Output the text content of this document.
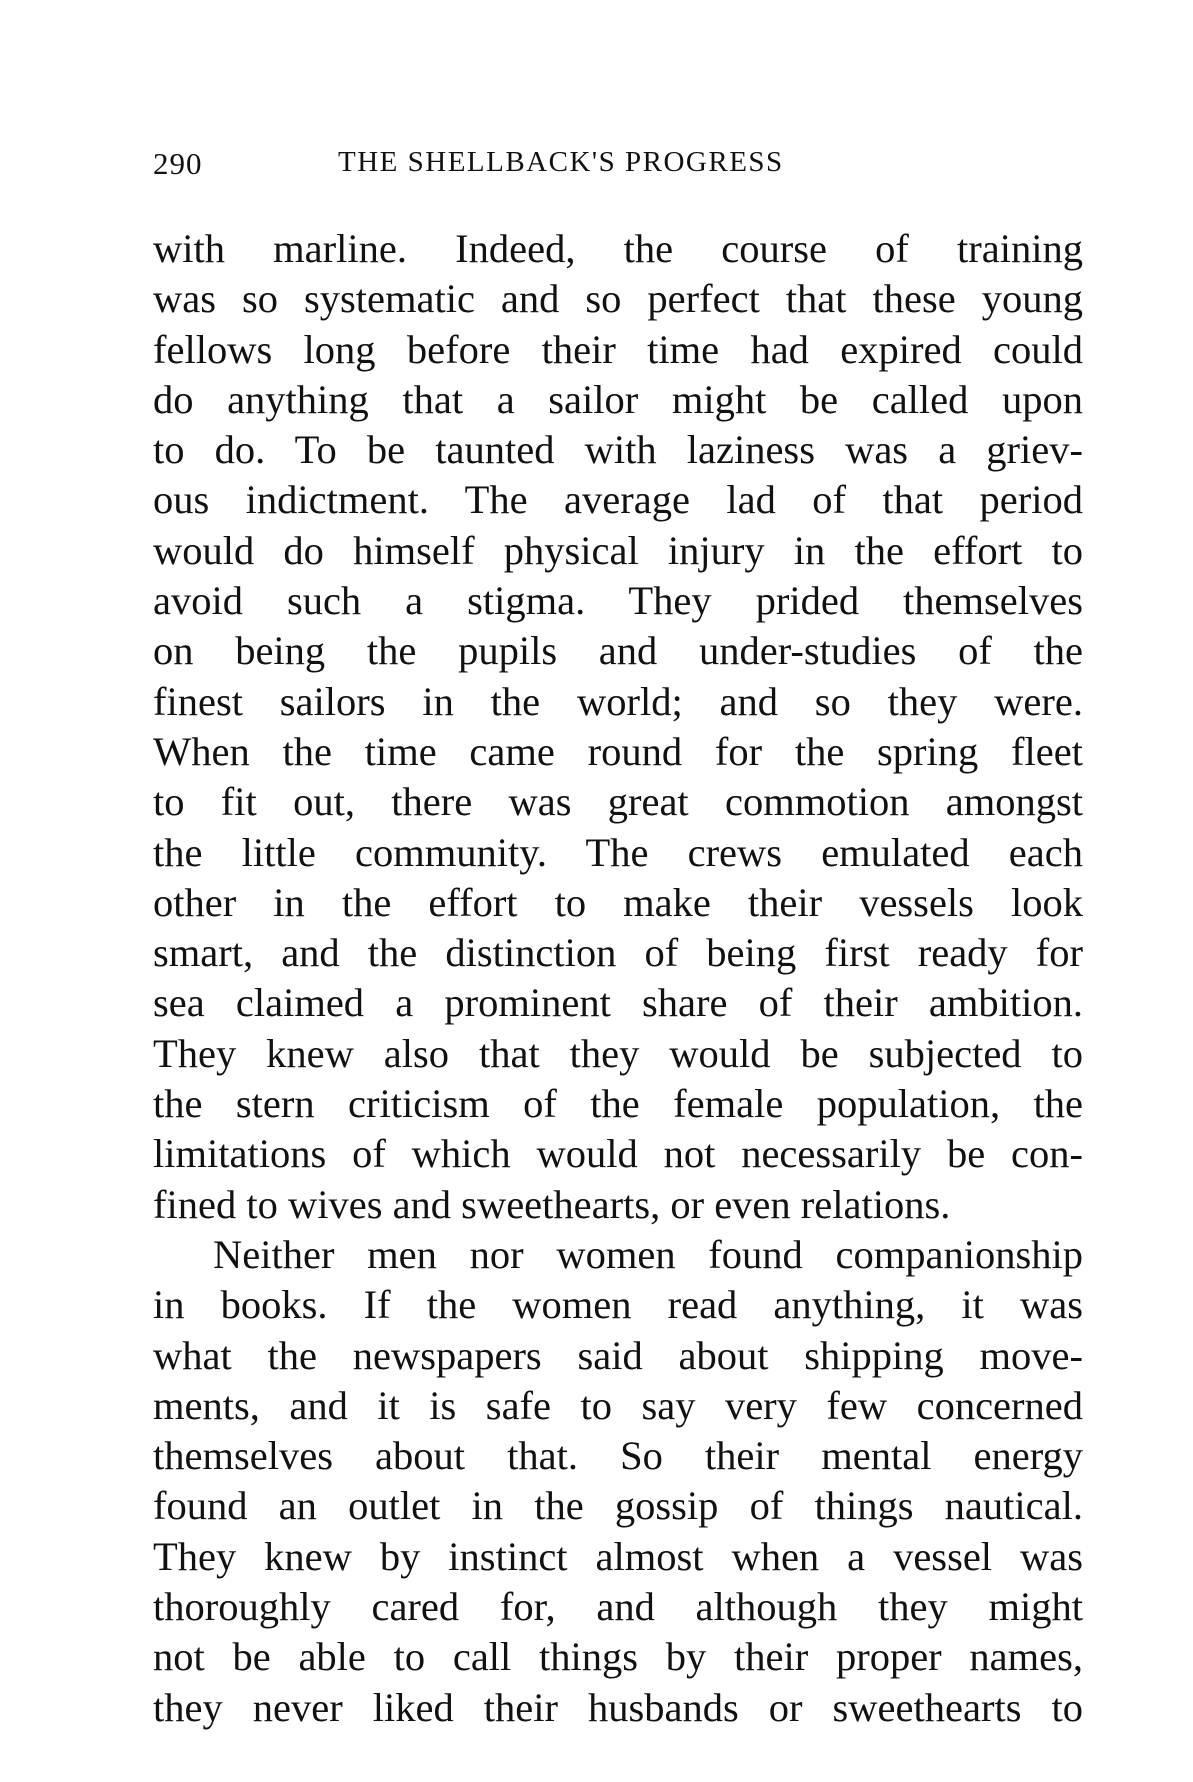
290	THE SHELLBACK'S PROGRESS
with marline. Indeed, the course of training
was so systematic and so perfect that these young
fellows long before their time had expired could
do anything that a sailor might be called upon
to do. To be taunted with laziness was a griev-
ous indictment. The average lad of that period
would do himself physical injury in the effort to
avoid such a stigma. They prided themselves
on being the pupils and under-studies of the
finest sailors in the world; and so they were.
When the time came round for the spring fleet
to fit out, there was great commotion amongst
the little community. The crews emulated each
other in the effort to make their vessels look
smart, and the distinction of being first ready for
sea claimed a prominent share of their ambition.
They knew also that they would be subjected to
the stern criticism of the female population, the
limitations of which would not necessarily be con-
fined to wives and sweethearts, or even relations.
Neither men nor women found companionship
in books. If the women read anything, it was
what the newspapers said about shipping move-
ments, and it is safe to say very few concerned
themselves about that. So their mental energy
found an outlet in the gossip of things nautical.
They knew by instinct almost when a vessel was
thoroughly cared for, and although they might
not be able to call things by their proper names,
they never liked their husbands or sweethearts to
